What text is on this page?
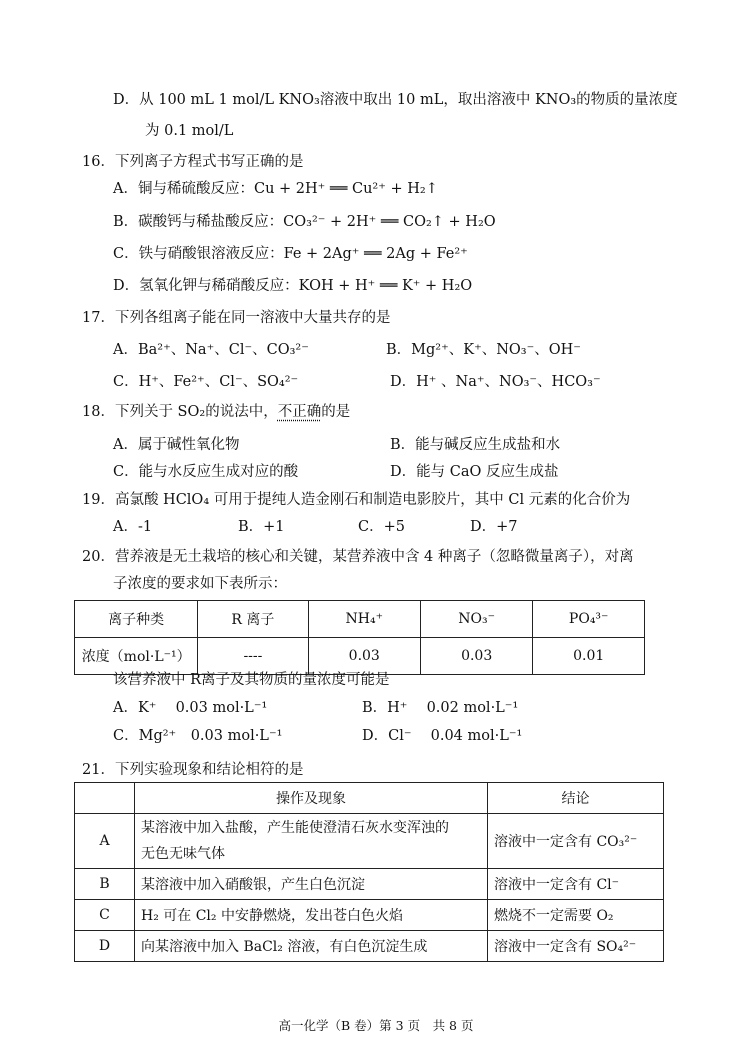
D．从 100 mL 1 mol/L KNO₃溶液中取出 10 mL，取出溶液中 KNO₃的物质的量浓度
为 0.1 mol/L
16．下列离子方程式书写正确的是
A．铜与稀硫酸反应：Cu + 2H⁺ ══ Cu²⁺ + H₂↑
B．碳酸钙与稀盐酸反应：CO₃²⁻ + 2H⁺ ══ CO₂↑ + H₂O
C．铁与硝酸银溶液反应：Fe + 2Ag⁺ ══ 2Ag + Fe²⁺
D．氢氧化钾与稀硝酸反应：KOH + H⁺ ══ K⁺ + H₂O
17．下列各组离子能在同一溶液中大量共存的是
A．Ba²⁺、Na⁺、Cl⁻、CO₃²⁻	B．Mg²⁺、K⁺、NO₃⁻、OH⁻
C．H⁺、Fe²⁺、Cl⁻、SO₄²⁻	D．H⁺ 、Na⁺、NO₃⁻、HCO₃⁻
18．下列关于 SO₂的说法中，不正确的是
A．属于碱性氧化物	B．能与碱反应生成盐和水
C．能与水反应生成对应的酸	D．能与 CaO 反应生成盐
19．高氯酸 HClO₄ 可用于提纯人造金刚石和制造电影胶片，其中 Cl 元素的化合价为
A．-1	B．+1	C．+5	D．+7
20．营养液是无土栽培的核心和关键，某营养液中含 4 种离子（忽略微量离子），对离
子浓度的要求如下表所示：
离子种类	R 离子	NH₄⁺	NO₃⁻	PO₄³⁻
浓度（mol·L⁻¹）	----	0.03	0.03	0.01
该营养液中 R离子及其物质的量浓度可能是
A．K⁺　 0.03 mol·L⁻¹	B．H⁺　 0.02 mol·L⁻¹
C．Mg²⁺　0.03 mol·L⁻¹	D．Cl⁻　 0.04 mol·L⁻¹
21．下列实验现象和结论相符的是
	操作及现象	结论
A	某溶液中加入盐酸，产生能使澄清石灰水变浑浊的
无色无味气体	溶液中一定含有 CO₃²⁻
B	某溶液中加入硝酸银，产生白色沉淀	溶液中一定含有 Cl⁻
C	H₂ 可在 Cl₂ 中安静燃烧，发出苍白色火焰	燃烧不一定需要 O₂
D	向某溶液中加入 BaCl₂ 溶液，有白色沉淀生成	溶液中一定含有 SO₄²⁻
高一化学（B 卷）第 3 页　共 8 页
